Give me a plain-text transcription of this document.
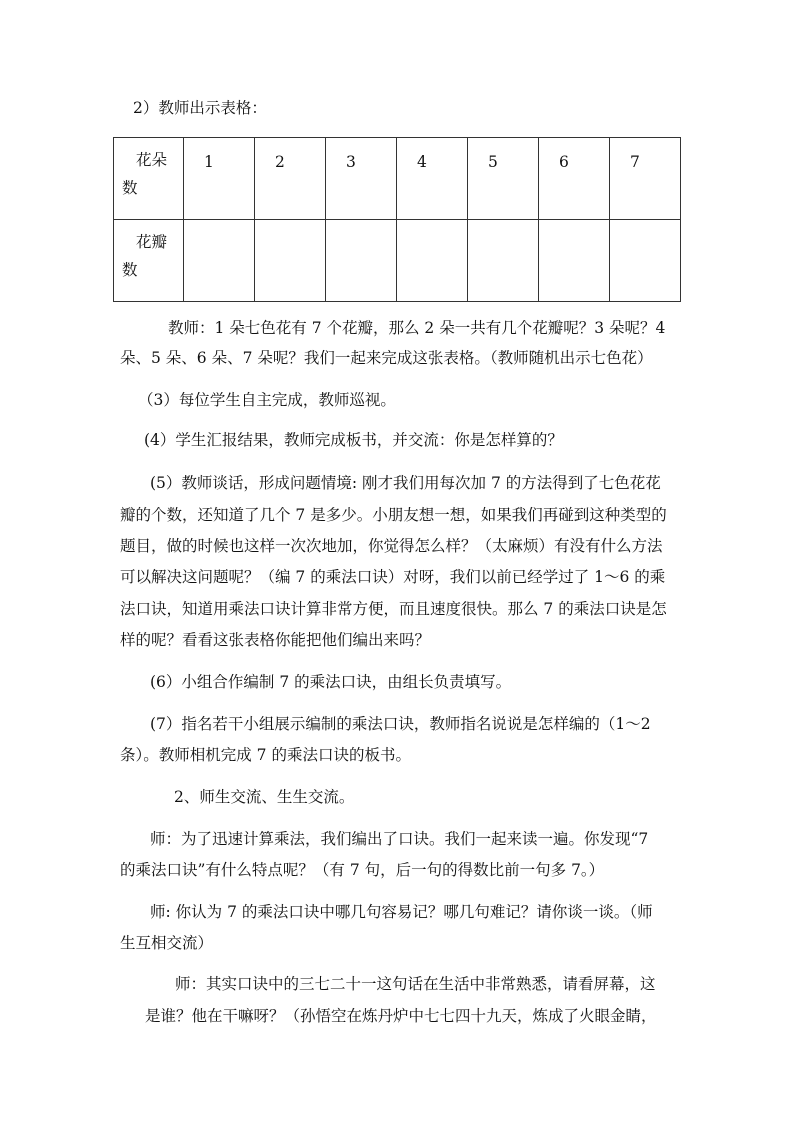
2）教师出示表格：
花朵
数	1	2	3	4	5	6	7

花瓣
数							

教师：1 朵七色花有 7 个花瓣，那么 2 朵一共有几个花瓣呢？3 朵呢？4
朵、5 朵、6 朵、7 朵呢？我们一起来完成这张表格。（教师随机出示七色花）
（3）每位学生自主完成，教师巡视。
(4）学生汇报结果，教师完成板书，并交流：你是怎样算的？
(5）教师谈话，形成问题情境: 刚才我们用每次加 7 的方法得到了七色花花
瓣的个数，还知道了几个 7 是多少。小朋友想一想，如果我们再碰到这种类型的
题目，做的时候也这样一次次地加，你觉得怎么样？（太麻烦）有没有什么方法
可以解决这问题呢？（编 7 的乘法口诀）对呀，我们以前已经学过了 1～6 的乘
法口诀，知道用乘法口诀计算非常方便，而且速度很快。那么 7 的乘法口诀是怎
样的呢？看看这张表格你能把他们编出来吗？
(6）小组合作编制 7 的乘法口诀，由组长负责填写。
(7）指名若干小组展示编制的乘法口诀，教师指名说说是怎样编的（1～2
条）。教师相机完成 7 的乘法口诀的板书。
2、师生交流、生生交流。
师：为了迅速计算乘法，我们编出了口诀。我们一起来读一遍。你发现“7
的乘法口诀”有什么特点呢？（有 7 句，后一句的得数比前一句多 7。）
师: 你认为 7 的乘法口诀中哪几句容易记？哪几句难记？请你谈一谈。（师
生互相交流）
师：其实口诀中的三七二十一这句话在生活中非常熟悉，请看屏幕，这
是谁？他在干嘛呀？（孙悟空在炼丹炉中七七四十九天，炼成了火眼金睛，
